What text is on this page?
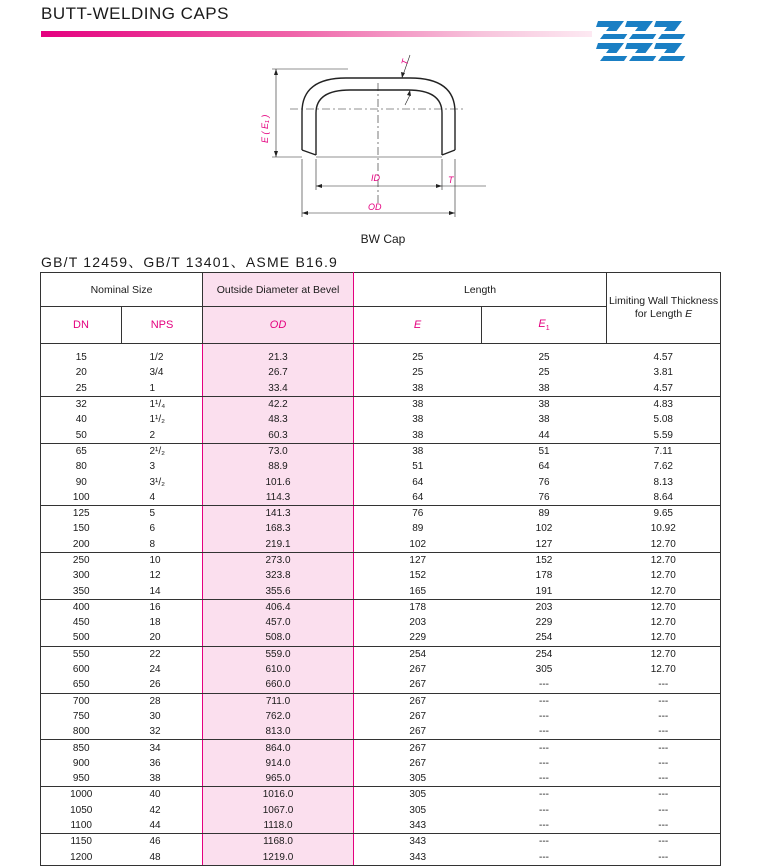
BUTT-WELDING CAPS
T
E ( E₁ )
ID
OD
T
BW Cap
GB/T 12459、GB/T 13401、ASME B16.9
Nominal Size		Outside Diameter at Bevel	Length		Limiting Wall Thickness
for Length E

DN	NPS	OD	E	$E_1$
15	1/2	21.3	25	25	4.57
20	3/4	26.7	25	25	3.81
25	1	33.4	38	38	4.57
32	1¹/₄	42.2	38	38	4.83
40	1¹/₂	48.3	38	38	5.08
50	2	60.3	38	44	5.59
65	2¹/₂	73.0	38	51	7.11
80	3	88.9	51	64	7.62
90	3¹/₂	101.6	64	76	8.13
100	4	114.3	64	76	8.64
125	5	141.3	76	89	9.65
150	6	168.3	89	102	10.92
200	8	219.1	102	127	12.70
250	10	273.0	127	152	12.70
300	12	323.8	152	178	12.70
350	14	355.6	165	191	12.70
400	16	406.4	178	203	12.70
450	18	457.0	203	229	12.70
500	20	508.0	229	254	12.70
550	22	559.0	254	254	12.70
600	24	610.0	267	305	12.70
650	26	660.0	267	---	---
700	28	711.0	267	---	---
750	30	762.0	267	---	---
800	32	813.0	267	---	---
850	34	864.0	267	---	---
900	36	914.0	267	---	---
950	38	965.0	305	---	---
1000	40	1016.0	305	---	---
1050	42	1067.0	305	---	---
1100	44	1118.0	343	---	---
1150	46	1168.0	343	---	---
1200	48	1219.0	343	---	---
